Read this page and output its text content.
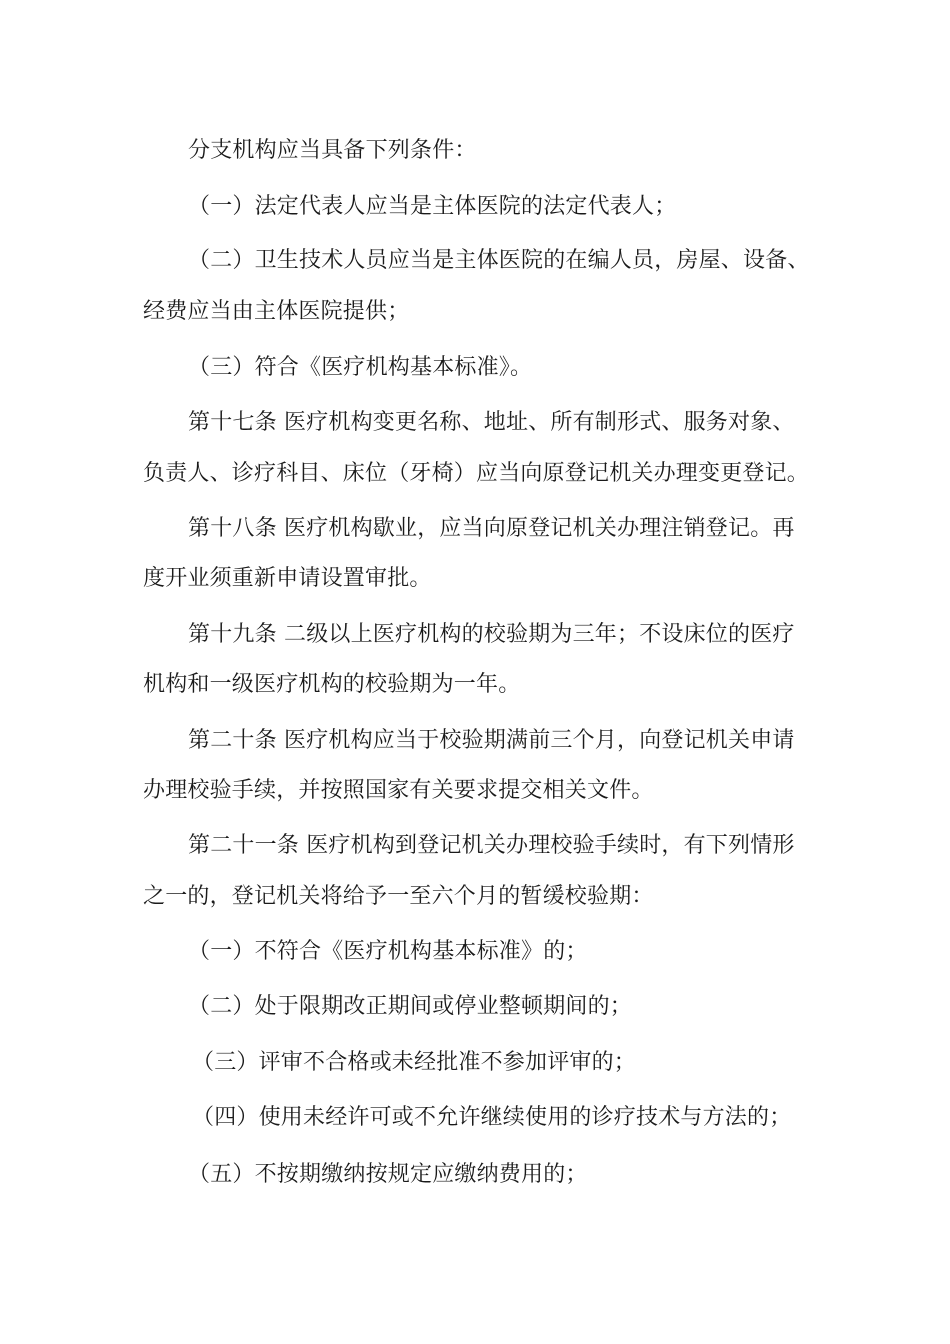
分支机构应当具备下列条件：
（一）法定代表人应当是主体医院的法定代表人；
（二）卫生技术人员应当是主体医院的在编人员，房屋、设备、
经费应当由主体医院提供；
（三）符合《医疗机构基本标准》。
第十七条 医疗机构变更名称、地址、所有制形式、服务对象、
负责人、诊疗科目、床位（牙椅）应当向原登记机关办理变更登记。
第十八条 医疗机构歇业，应当向原登记机关办理注销登记。再
度开业须重新申请设置审批。
第十九条 二级以上医疗机构的校验期为三年；不设床位的医疗
机构和一级医疗机构的校验期为一年。
第二十条 医疗机构应当于校验期满前三个月，向登记机关申请
办理校验手续，并按照国家有关要求提交相关文件。
第二十一条 医疗机构到登记机关办理校验手续时，有下列情形
之一的，登记机关将给予一至六个月的暂缓校验期：
（一）不符合《医疗机构基本标准》的；
（二）处于限期改正期间或停业整顿期间的；
（三）评审不合格或未经批准不参加评审的；
（四）使用未经许可或不允许继续使用的诊疗技术与方法的；
（五）不按期缴纳按规定应缴纳费用的；
